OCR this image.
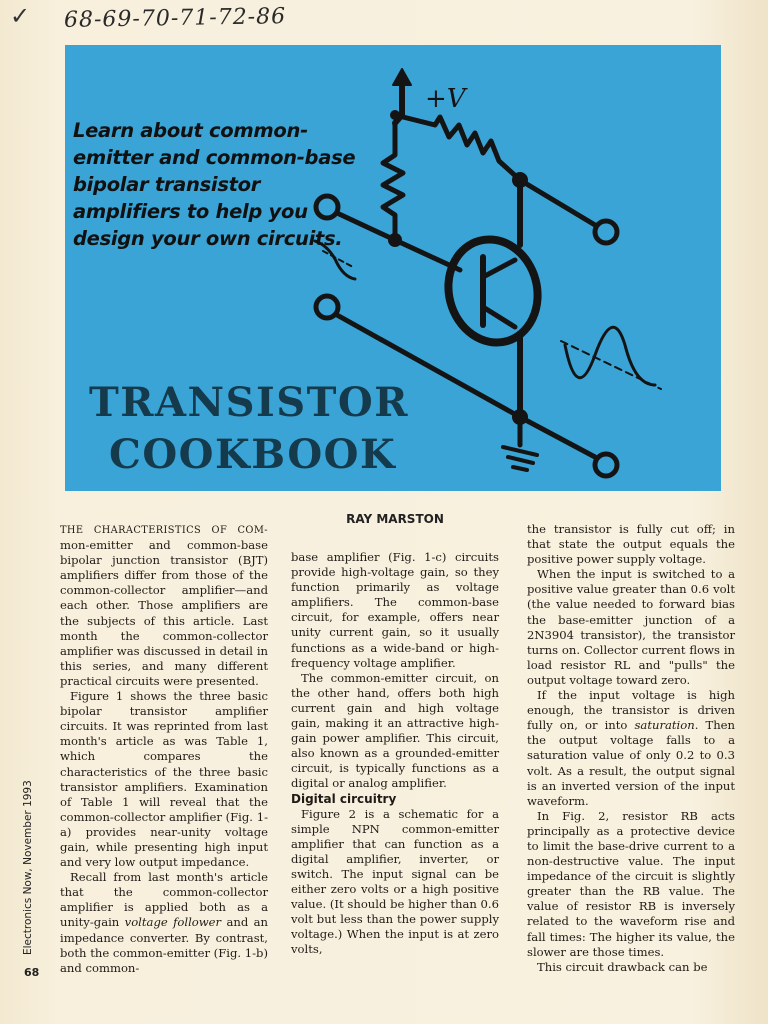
✓ 68-69-70-71-72-86
+V
Learn about common-emitter and common-base bipolar transistor amplifiers to help you design your own circuits.
TRANSISTOR
COOKBOOK
RAY MARSTON

THE CHARACTERISTICS OF COM- mon-emitter and common-base bipolar junction transistor (BJT) amplifiers differ from those of the common-collector amplifier—and each other. Those amplifiers are the subjects of this article. Last month the common-collector amplifier was discussed in detail in this series, and many different practical circuits were presented.

Figure 1 shows the three basic bipolar transistor amplifier circuits. It was reprinted from last month's article as was Table 1, which compares the characteristics of the three basic transistor amplifiers. Examination of Table 1 will reveal that the common-collector amplifier (Fig. 1-a) provides near-unity voltage gain, while presenting high input and very low output impedance.

Recall from last month's article that the common-collector amplifier is applied both as a unity-gain voltage follower and an impedance converter. By contrast, both the common-emitter (Fig. 1-b) and common-

base amplifier (Fig. 1-c) circuits provide high-voltage gain, so they function primarily as voltage amplifiers. The common-base circuit, for example, offers near unity current gain, so it usually functions as a wide-band or high-frequency voltage amplifier.

The common-emitter circuit, on the other hand, offers both high current gain and high voltage gain, making it an attractive high-gain power amplifier. This circuit, also known as a grounded-emitter circuit, is typically functions as a digital or analog amplifier.

Digital circuitry

Figure 2 is a schematic for a simple NPN common-emitter amplifier that can function as a digital amplifier, inverter, or switch. The input signal can be either zero volts or a high positive value. (It should be higher than 0.6 volt but less than the power supply voltage.) When the input is at zero volts,

the transistor is fully cut off; in that state the output equals the positive power supply voltage.

When the input is switched to a positive value greater than 0.6 volt (the value needed to forward bias the base-emitter junction of a 2N3904 transistor), the transistor turns on. Collector current flows in load resistor RL and "pulls" the output voltage toward zero.

If the input voltage is high enough, the transistor is driven fully on, or into saturation. Then the output voltage falls to a saturation value of only 0.2 to 0.3 volt. As a result, the output signal is an inverted version of the input waveform.

In Fig. 2, resistor RB acts principally as a protective device to limit the base-drive current to a non-destructive value. The input impedance of the circuit is slightly greater than the RB value. The value of resistor RB is inversely related to the waveform rise and fall times: The higher its value, the slower are those times.

This circuit drawback can be

Electronics Now, November 1993
68
